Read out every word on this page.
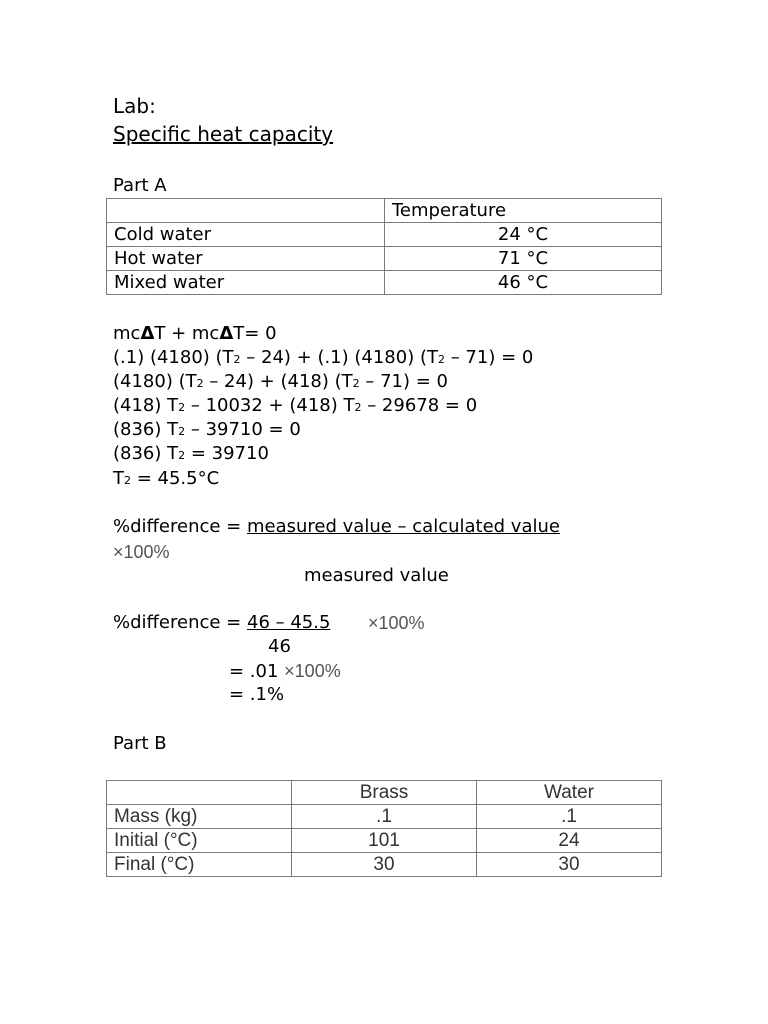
Lab:
Specific heat capacity
Part A
	Temperature
Cold water	24 °C
Hot water	71 °C
Mixed water	46 °C
mcΔT + mcΔT= 0
(.1) (4180) (T2 – 24) + (.1) (4180) (T2 – 71) = 0
(4180) (T2 – 24) + (418) (T2 – 71) = 0
(418) T2 – 10032 + (418) T2 – 29678 = 0
(836) T2 – 39710 = 0
(836) T2 = 39710
T2 = 45.5°C
%difference = measured value – calculated value
×100%
measured value
%difference = 46 – 45.5 ×100%
46
= .01 ×100%
= .1%
Part B
	Brass	Water
Mass (kg)	.1	.1
Initial (°C)	101	24
Final (°C)	30	30
